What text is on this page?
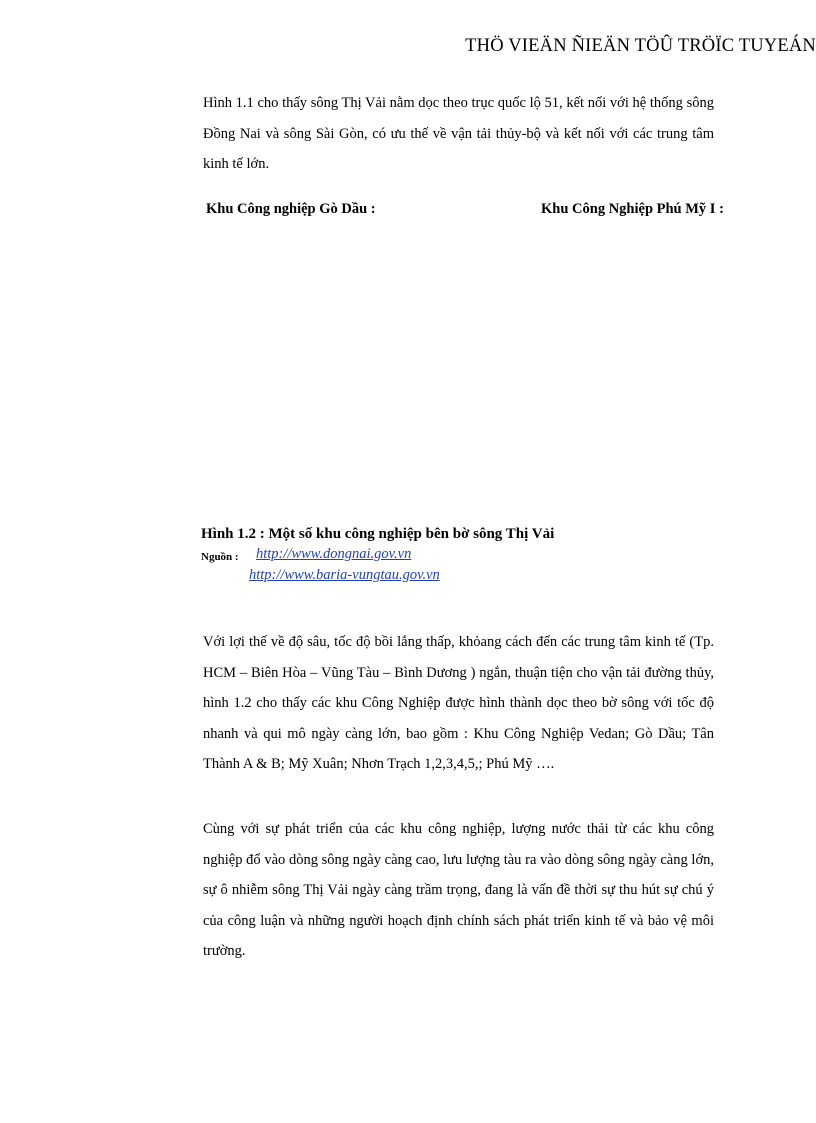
THÖ VIEÄN ÑIEÄN TÖÛ TRÖÏC TUYEÁN

Hình 1.1 cho thấy sông Thị Vải nằm dọc theo trục quốc lộ 51, kết nối với hệ thống sông Đồng Nai và sông Sài Gòn, có ưu thế về vận tải thủy-bộ và kết nối với các trung tâm kinh tế lớn.

Khu Công nghiệp Gò Dầu :	Khu Công Nghiệp Phú Mỹ I :
Hình 1.2 : Một số khu công nghiệp bên bờ sông Thị Vải
Nguồn : http://www.dongnai.gov.vn
http://www.baria-vungtau.gov.vn

Với lợi thế về độ sâu, tốc độ bồi lắng thấp, khỏang cách đến các trung tâm kinh tế (Tp. HCM – Biên Hòa – Vũng Tàu – Bình Dương ) ngắn, thuận tiện cho vận tải đường thủy, hình 1.2 cho thấy các khu Công Nghiệp được hình thành dọc theo bờ sông với tốc độ nhanh và qui mô ngày càng lớn, bao gồm : Khu Công Nghiệp Vedan; Gò Dầu; Tân Thành A & B; Mỹ Xuân; Nhơn Trạch 1,2,3,4,5,; Phú Mỹ ….

Cùng với sự phát triển của các khu công nghiệp, lượng nước thải từ các khu công nghiệp đổ vào dòng sông ngày càng cao, lưu lượng tàu ra vào dòng sông ngày càng lớn, sự ô nhiễm sông Thị Vải ngày càng trầm trọng, đang là vấn đề thời sự thu hút sự chú ý của công luận và những người hoạch định chính sách phát triển kinh tế và bảo vệ môi trường.
